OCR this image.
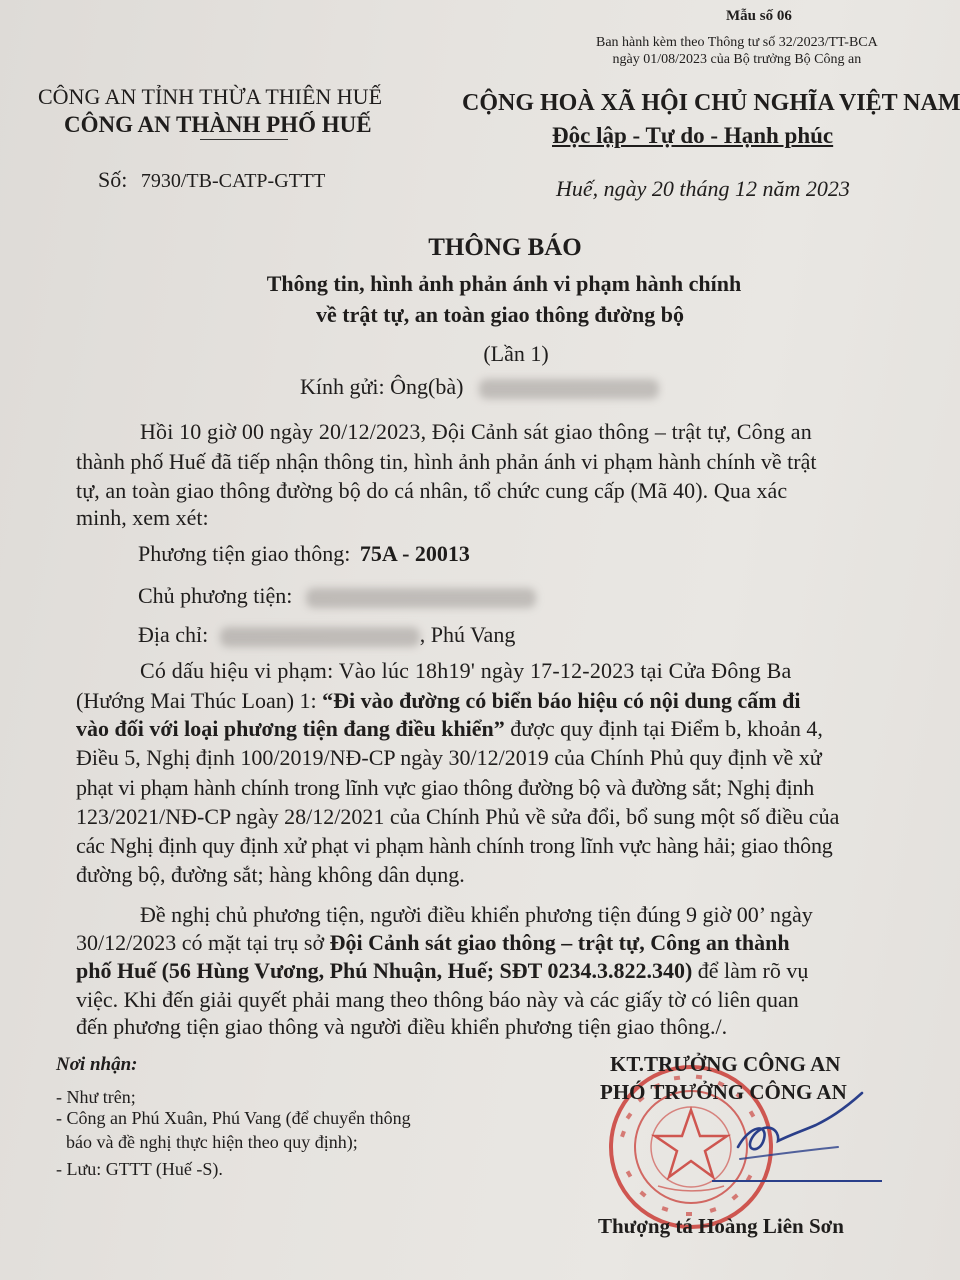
Mẫu số 06
Ban hành kèm theo Thông tư số 32/2023/TT-BCA
ngày 01/08/2023 của Bộ trưởng Bộ Công an
CÔNG AN TỈNH THỪA THIÊN HUẾ
CÔNG AN THÀNH PHỐ HUẾ
CỘNG HOÀ XÃ HỘI CHỦ NGHĨA VIỆT NAM
Độc lập - Tự do - Hạnh phúc
Số: 7930/TB-CATP-GTTT	Huế, ngày 20 tháng 12 năm 2023
THÔNG BÁO
Thông tin, hình ảnh phản ánh vi phạm hành chính
về trật tự, an toàn giao thông đường bộ
(Lần 1)
Kính gửi: Ông(bà)
Hồi 10 giờ 00 ngày 20/12/2023, Đội Cảnh sát giao thông – trật tự, Công an
thành phố Huế đã tiếp nhận thông tin, hình ảnh phản ánh vi phạm hành chính về trật
tự, an toàn giao thông đường bộ do cá nhân, tổ chức cung cấp (Mã 40). Qua xác
minh, xem xét:
Phương tiện giao thông: 75A - 20013
Chủ phương tiện:
Địa chỉ:	, Phú Vang
Có dấu hiệu vi phạm: Vào lúc 18h19' ngày 17-12-2023 tại Cửa Đông Ba
(Hướng Mai Thúc Loan) 1: “Đi vào đường có biển báo hiệu có nội dung cấm đi
vào đối với loại phương tiện đang điều khiển” được quy định tại Điểm b, khoản 4,
Điều 5, Nghị định 100/2019/NĐ-CP ngày 30/12/2019 của Chính Phủ quy định về xử
phạt vi phạm hành chính trong lĩnh vực giao thông đường bộ và đường sắt; Nghị định
123/2021/NĐ-CP ngày 28/12/2021 của Chính Phủ về sửa đổi, bổ sung một số điều của
các Nghị định quy định xử phạt vi phạm hành chính trong lĩnh vực hàng hải; giao thông
đường bộ, đường sắt; hàng không dân dụng.
Đề nghị chủ phương tiện, người điều khiển phương tiện đúng 9 giờ 00’ ngày
30/12/2023 có mặt tại trụ sở Đội Cảnh sát giao thông – trật tự, Công an thành
phố Huế (56 Hùng Vương, Phú Nhuận, Huế; SĐT 0234.3.822.340) để làm rõ vụ
việc. Khi đến giải quyết phải mang theo thông báo này và các giấy tờ có liên quan
đến phương tiện giao thông và người điều khiển phương tiện giao thông./.
Nơi nhận:
- Như trên;
- Công an Phú Xuân, Phú Vang (để chuyển thông
báo và đề nghị thực hiện theo quy định);
- Lưu: GTTT (Huế -S).
KT.TRƯỞNG CÔNG AN
PHÓ TRƯỞNG CÔNG AN
Thượng tá Hoàng Liên Sơn
